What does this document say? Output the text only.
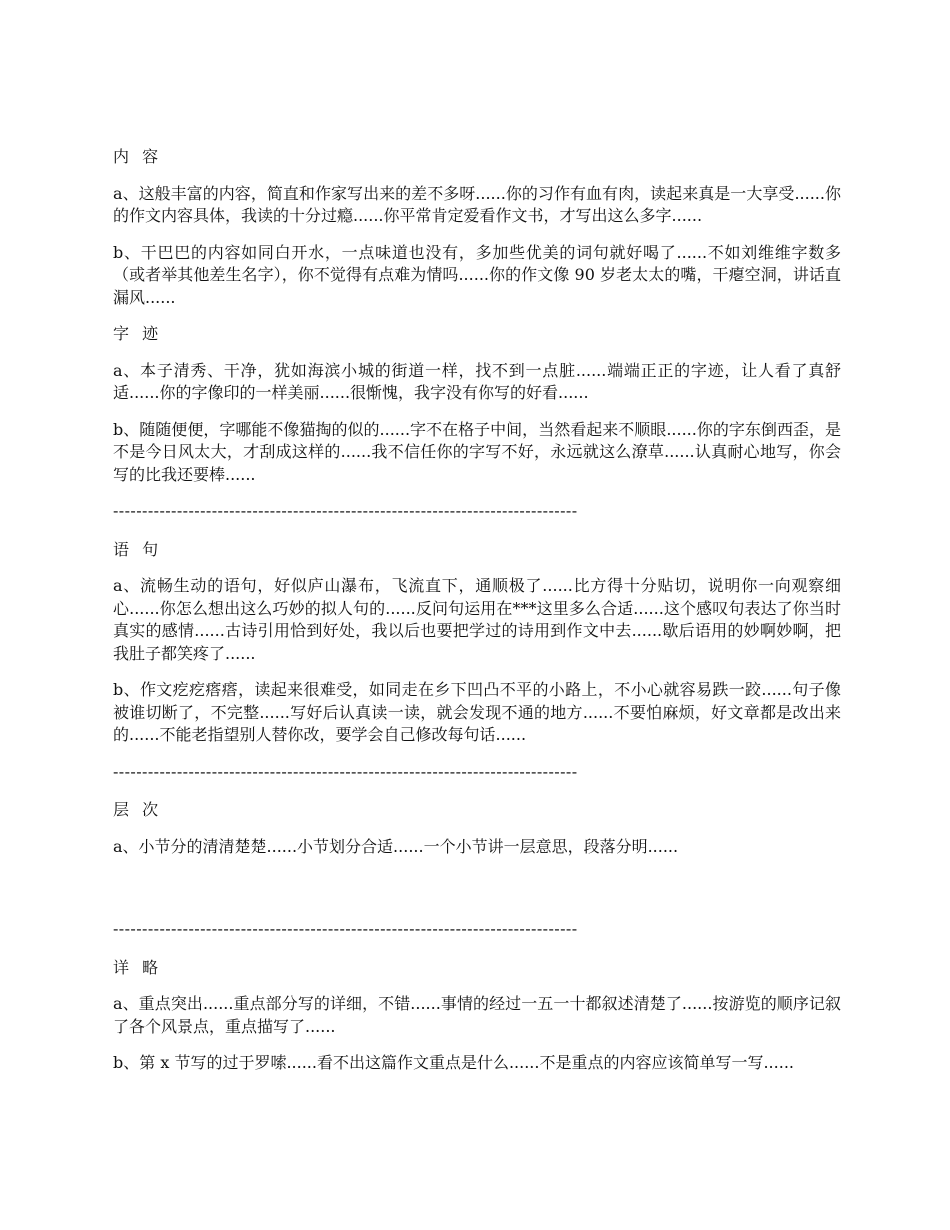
内 容

a、这般丰富的内容，简直和作家写出来的差不多呀......你的习作有血有肉，读起来真是一大享受......你的作文内容具体，我读的十分过瘾......你平常肯定爱看作文书，才写出这么多字......

b、干巴巴的内容如同白开水，一点味道也没有，多加些优美的词句就好喝了......不如刘维维字数多（或者举其他差生名字），你不觉得有点难为情吗......你的作文像 90 岁老太太的嘴，干瘪空洞，讲话直漏风......

字 迹

a、本子清秀、干净，犹如海滨小城的街道一样，找不到一点脏......端端正正的字迹，让人看了真舒适......你的字像印的一样美丽......很惭愧，我字没有你写的好看......

b、随随便便，字哪能不像猫掏的似的......字不在格子中间，当然看起来不顺眼......你的字东倒西歪，是不是今日风太大，才刮成这样的......我不信任你的字写不好，永远就这么潦草......认真耐心地写，你会写的比我还要棒......

--------------------------------------------------------------------------------
语 句

a、流畅生动的语句，好似庐山瀑布，飞流直下，通顺极了......比方得十分贴切，说明你一向观察细心......你怎么想出这么巧妙的拟人句的......反问句运用在***这里多么合适......这个感叹句表达了你当时真实的感情......古诗引用恰到好处，我以后也要把学过的诗用到作文中去......歇后语用的妙啊妙啊，把我肚子都笑疼了......

b、作文疙疙瘩瘩，读起来很难受，如同走在乡下凹凸不平的小路上，不小心就容易跌一跤......句子像被谁切断了，不完整......写好后认真读一读，就会发现不通的地方......不要怕麻烦，好文章都是改出来的......不能老指望别人替你改，要学会自己修改每句话......

--------------------------------------------------------------------------------
层 次

a、小节分的清清楚楚......小节划分合适......一个小节讲一层意思，段落分明......

--------------------------------------------------------------------------------
详 略

a、重点突出......重点部分写的详细，不错......事情的经过一五一十都叙述清楚了......按游览的顺序记叙了各个风景点，重点描写了......

b、第 x 节写的过于罗嗦......看不出这篇作文重点是什么......不是重点的内容应该简单写一写......
